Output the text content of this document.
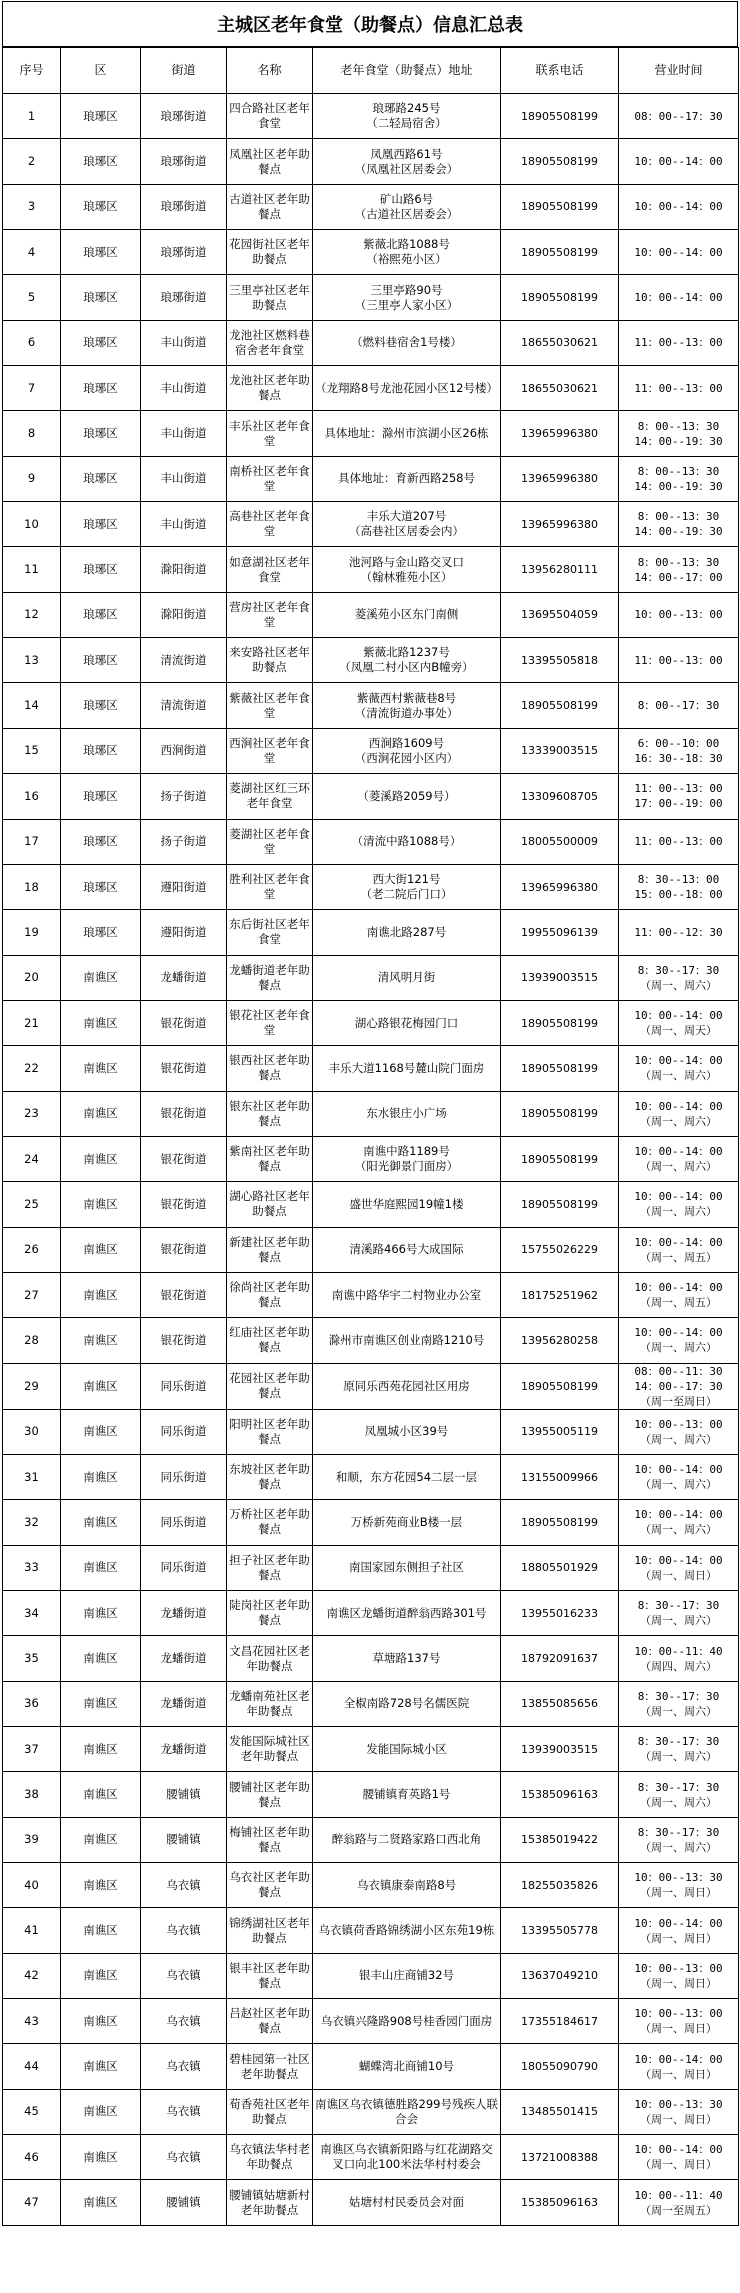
主城区老年食堂（助餐点）信息汇总表
序号	区	街道	名称	老年食堂（助餐点）地址	联系电话	营业时间

1	琅琊区	琅琊街道	四合路社区老年食堂	琅琊路245号
（二轻局宿舍）	18905508199	08：00--17：30

2	琅琊区	琅琊街道	凤凰社区老年助餐点	凤凰西路61号
（凤凰社区居委会）	18905508199	10：00--14：00

3	琅琊区	琅琊街道	古道社区老年助餐点	矿山路6号
（古道社区居委会）	18905508199	10：00--14：00

4	琅琊区	琅琊街道	花园街社区老年助餐点	紫薇北路1088号
（裕熙苑小区）	18905508199	10：00--14：00

5	琅琊区	琅琊街道	三里亭社区老年助餐点	三里亭路90号
（三里亭人家小区）	18905508199	10：00--14：00

6	琅琊区	丰山街道	龙池社区燃料巷宿舍老年食堂	（燃料巷宿舍1号楼）	18655030621	11：00--13：00

7	琅琊区	丰山街道	龙池社区老年助餐点	（龙翔路8号龙池花园小区12号楼）	18655030621	11：00--13：00

8	琅琊区	丰山街道	丰乐社区老年食堂	具体地址：滁州市滨湖小区26栋	13965996380	8：00--13：30
14：00--19：30

9	琅琊区	丰山街道	南桥社区老年食堂	具体地址：育新西路258号	13965996380	8：00--13：30
14：00--19：30

10	琅琊区	丰山街道	高巷社区老年食堂	丰乐大道207号
（高巷社区居委会内）	13965996380	8：00--13：30
14：00--19：30

11	琅琊区	滁阳街道	如意湖社区老年食堂	池河路与金山路交叉口
（翰林雅苑小区）	13956280111	8：00--13：30
14：00--17：00

12	琅琊区	滁阳街道	营房社区老年食堂	菱溪苑小区东门南侧	13695504059	10：00--13：00

13	琅琊区	清流街道	来安路社区老年助餐点	紫薇北路1237号
（凤凰二村小区内B幢旁）	13395505818	11：00--13：00

14	琅琊区	清流街道	紫薇社区老年食堂	紫薇西村紫薇巷8号
（清流街道办事处）	18905508199	8：00--17：30

15	琅琊区	西涧街道	西涧社区老年食堂	西涧路1609号
（西涧花园小区内）	13339003515	6：00--10：00
16：30--18：30

16	琅琊区	扬子街道	菱湖社区红三环老年食堂	（菱溪路2059号）	13309608705	11：00--13：00
17：00--19：00

17	琅琊区	扬子街道	菱湖社区老年食堂	（清流中路1088号）	18005500009	11：00--13：00

18	琅琊区	遵阳街道	胜利社区老年食堂	西大街121号
（老二院后门口）	13965996380	8：30--13：00
15：00--18：00

19	琅琊区	遵阳街道	东后街社区老年食堂	南谯北路287号	19955096139	11：00--12：30

20	南谯区	龙蟠街道	龙蟠街道老年助餐点	清风明月街	13939003515	8：30--17：30
（周一、周六）

21	南谯区	银花街道	银花社区老年食堂	湖心路银花梅园门口	18905508199	10：00--14：00
（周一、周天）

22	南谯区	银花街道	银西社区老年助餐点	丰乐大道1168号麓山院门面房	18905508199	10：00--14：00
（周一、周六）

23	南谯区	银花街道	银东社区老年助餐点	东水银庄小广场	18905508199	10：00--14：00
（周一、周六）

24	南谯区	银花街道	紫南社区老年助餐点	南谯中路1189号
（阳光御景门面房）	18905508199	10：00--14：00
（周一、周六）

25	南谯区	银花街道	湖心路社区老年助餐点	盛世华庭熙园19幢1楼	18905508199	10：00--14：00
（周一、周六）

26	南谯区	银花街道	新建社区老年助餐点	清溪路466号大成国际	15755026229	10：00--14：00
（周一、周五）

27	南谯区	银花街道	徐尚社区老年助餐点	南谯中路华宇二村物业办公室	18175251962	10：00--14：00
（周一、周五）

28	南谯区	银花街道	红庙社区老年助餐点	滁州市南谯区创业南路1210号	13956280258	10：00--14：00
（周一、周六）

29	南谯区	同乐街道	花园社区老年助餐点	原同乐西苑花园社区用房	18905508199	08：00--11：30
14：00--17：30
（周一至周日）

30	南谯区	同乐街道	阳明社区老年助餐点	凤凰城小区39号	13955005119	10：00--13：00
（周一、周六）

31	南谯区	同乐街道	东坡社区老年助餐点	和顺，东方花园54二层一层	13155009966	10：00--14：00
（周一、周六）

32	南谯区	同乐街道	万桥社区老年助餐点	万桥新苑商业B楼一层	18905508199	10：00--14：00
（周一、周六）

33	南谯区	同乐街道	担子社区老年助餐点	南国家园东侧担子社区	18805501929	10：00--14：00
（周一、周日）

34	南谯区	龙蟠街道	陡岗社区老年助餐点	南谯区龙蟠街道醉翁西路301号	13955016233	8：30--17：30
（周一、周六）

35	南谯区	龙蟠街道	文昌花园社区老年助餐点	草塘路137号	18792091637	10：00--11：40
（周四、周六）

36	南谯区	龙蟠街道	龙蟠南苑社区老年助餐点	全椒南路728号名儒医院	13855085656	8：30--17：30
（周一、周六）

37	南谯区	龙蟠街道	发能国际城社区老年助餐点	发能国际城小区	13939003515	8：30--17：30
（周一、周六）

38	南谯区	腰铺镇	腰铺社区老年助餐点	腰铺镇育英路1号	15385096163	8：30--17：30
（周一、周六）

39	南谯区	腰铺镇	梅铺社区老年助餐点	醉翁路与二贤路家路口西北角	15385019422	8：30--17：30
（周一、周六）

40	南谯区	乌衣镇	乌衣社区老年助餐点	乌衣镇康泰南路8号	18255035826	10：00--13：30
（周一、周日）

41	南谯区	乌衣镇	锦绣湖社区老年助餐点	乌衣镇荷香路锦绣湖小区东苑19栋	13395505778	10：00--14：00
（周一、周日）

42	南谯区	乌衣镇	银丰社区老年助餐点	银丰山庄商铺32号	13637049210	10：00--13：00
（周一、周日）

43	南谯区	乌衣镇	吕赵社区老年助餐点	乌衣镇兴隆路908号桂香园门面房	17355184617	10：00--13：00
（周一、周日）

44	南谯区	乌衣镇	碧桂园第一社区老年助餐点	蝴蝶湾北商铺10号	18055090790	10：00--14：00
（周一、周日）

45	南谯区	乌衣镇	荀香苑社区老年助餐点	南谯区乌衣镇德胜路299号残疾人联合会	13485501415	10：00--13：30
（周一、周日）

46	南谯区	乌衣镇	乌衣镇法华村老年助餐点	南谯区乌衣镇新阳路与红花湖路交叉口向北100米法华村村委会	13721008388	10：00--14：00
（周一、周日）

47	南谯区	腰铺镇	腰铺镇姑塘新村老年助餐点	姑塘村村民委员会对面	15385096163	10：00--11：40
（周一至周五）
